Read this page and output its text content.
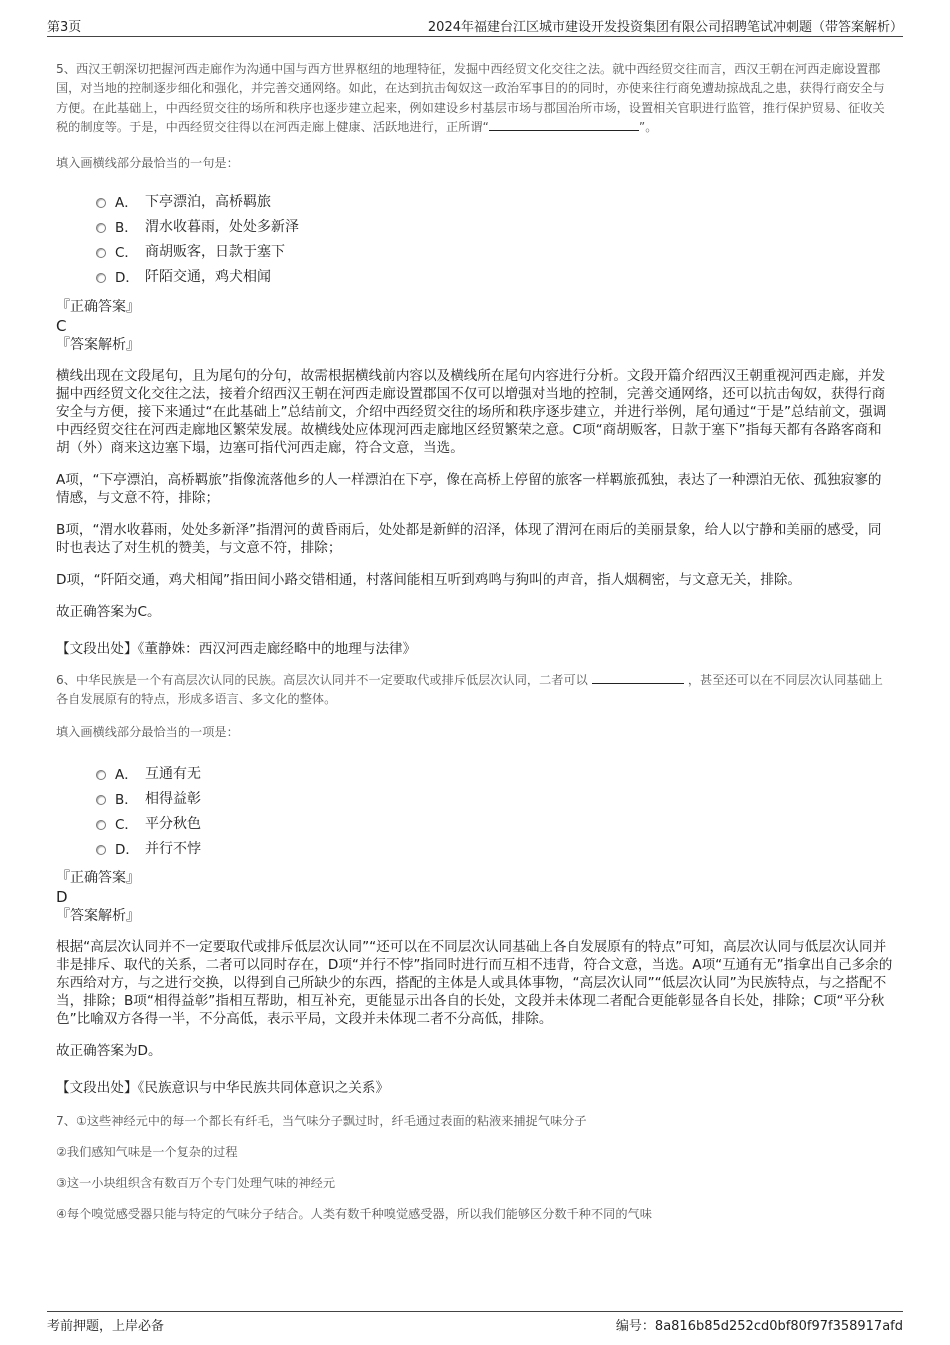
第3页	2024年福建台江区城市建设开发投资集团有限公司招聘笔试冲刺题（带答案解析）

5、西汉王朝深切把握河西走廊作为沟通中国与西方世界枢纽的地理特征，发掘中西经贸文化交往之法。就中西经贸交往而言，西汉王朝在河西走廊设置郡国，对当地的控制逐步细化和强化，并完善交通网络。如此，在达到抗击匈奴这一政治军事目的的同时，亦使来往行商免遭劫掠战乱之患，获得行商安全与方便。在此基础上，中西经贸交往的场所和秩序也逐步建立起来，例如建设乡村基层市场与郡国治所市场，设置相关官职进行监管，推行保护贸易、征收关税的制度等。于是，中西经贸交往得以在河西走廊上健康、活跃地进行，正所谓“	”。

填入画横线部分最恰当的一句是：

A． 下亭漂泊，高桥羁旅
B． 渭水收暮雨，处处多新泽
C． 商胡贩客，日款于塞下
D． 阡陌交通，鸡犬相闻

『正确答案』

C

『答案解析』

横线出现在文段尾句，且为尾句的分句，故需根据横线前内容以及横线所在尾句内容进行分析。文段开篇介绍西汉王朝重视河西走廊，并发掘中西经贸文化交往之法，接着介绍西汉王朝在河西走廊设置郡国不仅可以增强对当地的控制，完善交通网络，还可以抗击匈奴，获得行商安全与方便，接下来通过“在此基础上”总结前文，介绍中西经贸交往的场所和秩序逐步建立，并进行举例，尾句通过“于是”总结前文，强调中西经贸交往在河西走廊地区繁荣发展。故横线处应体现河西走廊地区经贸繁荣之意。C项“商胡贩客，日款于塞下”指每天都有各路客商和胡（外）商来这边塞下塌，边塞可指代河西走廊，符合文意，当选。

A项，“下亭漂泊，高桥羁旅”指像流落他乡的人一样漂泊在下亭，像在高桥上停留的旅客一样羁旅孤独，表达了一种漂泊无依、孤独寂寥的情感，与文意不符，排除；

B项，“渭水收暮雨，处处多新泽”指渭河的黄昏雨后，处处都是新鲜的沼泽，体现了渭河在雨后的美丽景象，给人以宁静和美丽的感受，同时也表达了对生机的赞美，与文意不符，排除；

D项，“阡陌交通，鸡犬相闻”指田间小路交错相通，村落间能相互听到鸡鸣与狗叫的声音，指人烟稠密，与文意无关，排除。

故正确答案为C。

【文段出处】《董静姝：西汉河西走廊经略中的地理与法律》

6、中华民族是一个有高层次认同的民族。高层次认同并不一定要取代或排斥低层次认同，二者可以	，甚至还可以在不同层次认同基础上各自发展原有的特点，形成多语言、多文化的整体。

填入画横线部分最恰当的一项是：

A． 互通有无
B． 相得益彰
C． 平分秋色
D． 并行不悖

『正确答案』

D

『答案解析』

根据“高层次认同并不一定要取代或排斥低层次认同”“还可以在不同层次认同基础上各自发展原有的特点”可知，高层次认同与低层次认同并非是排斥、取代的关系，二者可以同时存在，D项“并行不悖”指同时进行而互相不违背，符合文意，当选。A项“互通有无”指拿出自己多余的东西给对方，与之进行交换，以得到自己所缺少的东西，搭配的主体是人或具体事物，“高层次认同”“低层次认同”为民族特点，与之搭配不当，排除；B项“相得益彰”指相互帮助，相互补充，更能显示出各自的长处，文段并未体现二者配合更能彰显各自长处，排除；C项“平分秋色”比喻双方各得一半，不分高低，表示平局，文段并未体现二者不分高低，排除。

故正确答案为D。

【文段出处】《民族意识与中华民族共同体意识之关系》

7、①这些神经元中的每一个都长有纤毛，当气味分子飘过时，纤毛通过表面的粘液来捕捉气味分子

②我们感知气味是一个复杂的过程

③这一小块组织含有数百万个专门处理气味的神经元

④每个嗅觉感受器只能与特定的气味分子结合。人类有数千种嗅觉感受器，所以我们能够区分数千种不同的气味

考前押题，上岸必备	编号：8a816b85d252cd0bf80f97f358917afd
